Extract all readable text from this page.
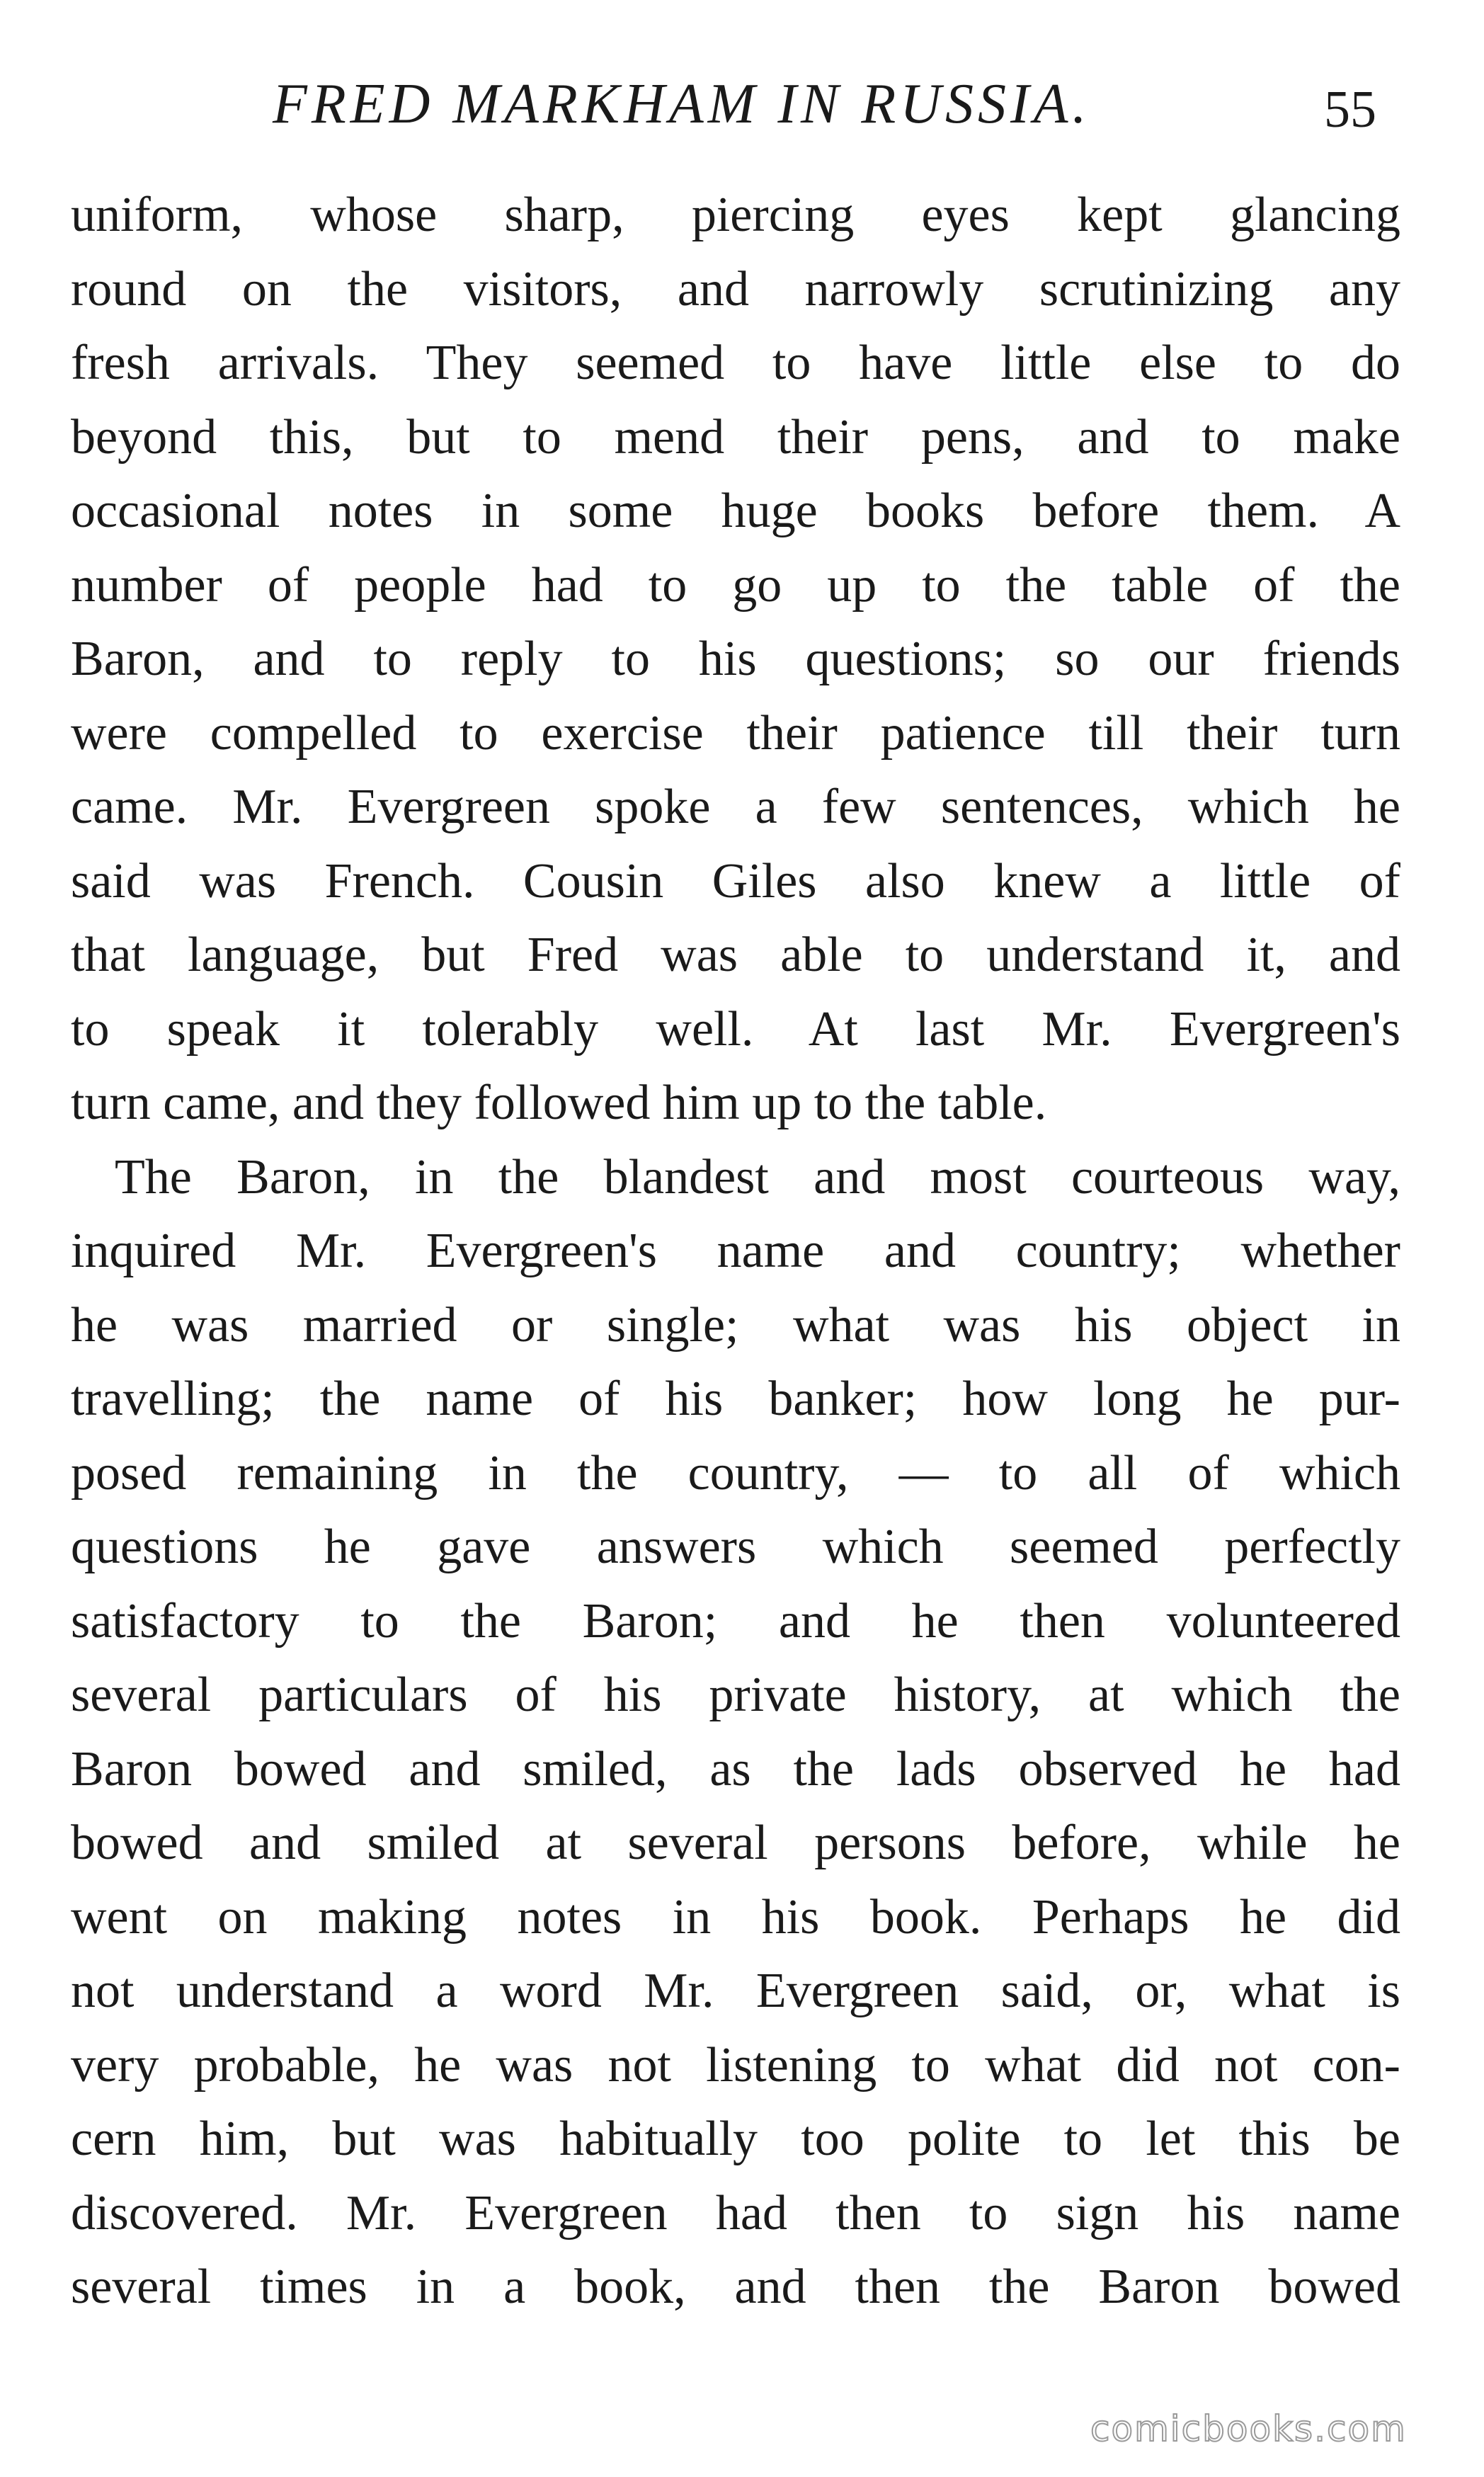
FRED MARKHAM IN RUSSIA.	55
uniform, whose sharp, piercing eyes kept glancing
round on the visitors, and narrowly scrutinizing any
fresh arrivals. They seemed to have little else to do
beyond this, but to mend their pens, and to make
occasional notes in some huge books before them. A
number of people had to go up to the table of the
Baron, and to reply to his questions; so our friends
were compelled to exercise their patience till their turn
came. Mr. Evergreen spoke a few sentences, which he
said was French. Cousin Giles also knew a little of
that language, but Fred was able to understand it, and
to speak it tolerably well. At last Mr. Evergreen's
turn came, and they followed him up to the table.
The Baron, in the blandest and most courteous way,
inquired Mr. Evergreen's name and country; whether
he was married or single; what was his object in
travelling; the name of his banker; how long he pur-
posed remaining in the country, — to all of which
questions he gave answers which seemed perfectly
satisfactory to the Baron; and he then volunteered
several particulars of his private history, at which the
Baron bowed and smiled, as the lads observed he had
bowed and smiled at several persons before, while he
went on making notes in his book. Perhaps he did
not understand a word Mr. Evergreen said, or, what is
very probable, he was not listening to what did not con-
cern him, but was habitually too polite to let this be
discovered. Mr. Evergreen had then to sign his name
several times in a book, and then the Baron bowed
comicbooks.com
